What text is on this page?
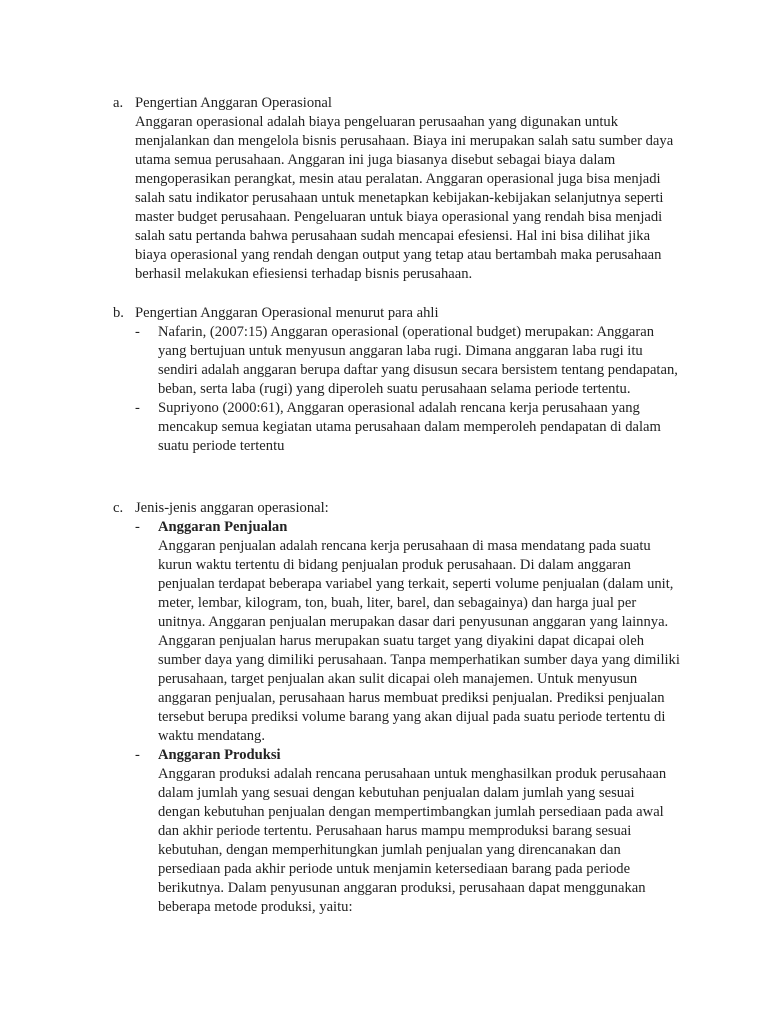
a. Pengertian Anggaran Operasional

Anggaran operasional adalah biaya pengeluaran perusaahan yang digunakan untuk menjalankan dan mengelola bisnis perusahaan. Biaya ini merupakan salah satu sumber daya utama semua perusahaan. Anggaran ini juga biasanya disebut sebagai biaya dalam mengoperasikan perangkat, mesin atau peralatan. Anggaran operasional juga bisa menjadi salah satu indikator perusahaan untuk menetapkan kebijakan-kebijakan selanjutnya seperti master budget perusahaan. Pengeluaran untuk biaya operasional yang rendah bisa menjadi salah satu pertanda bahwa perusahaan sudah mencapai efesiensi. Hal ini bisa dilihat jika biaya operasional yang rendah dengan output yang tetap atau bertambah maka perusahaan berhasil melakukan efiesiensi terhadap bisnis perusahaan.

b. Pengertian Anggaran Operasional menurut para ahli
- Nafarin, (2007:15) Anggaran operasional (operational budget) merupakan: Anggaran yang bertujuan untuk menyusun anggaran laba rugi. Dimana anggaran laba rugi itu sendiri adalah anggaran berupa daftar yang disusun secara bersistem tentang pendapatan, beban, serta laba (rugi) yang diperoleh suatu perusahaan selama periode tertentu.
- Supriyono (2000:61), Anggaran operasional adalah rencana kerja perusahaan yang mencakup semua kegiatan utama perusahaan dalam memperoleh pendapatan di dalam suatu periode tertentu
c. Jenis-jenis anggaran operasional:
- Anggaran Penjualan
Anggaran penjualan adalah rencana kerja perusahaan di masa mendatang pada suatu kurun waktu tertentu di bidang penjualan produk perusahaan. Di dalam anggaran penjualan terdapat beberapa variabel yang terkait, seperti volume penjualan (dalam unit, meter, lembar, kilogram, ton, buah, liter, barel, dan sebagainya) dan harga jual per unitnya. Anggaran penjualan merupakan dasar dari penyusunan anggaran yang lainnya. Anggaran penjualan harus merupakan suatu target yang diyakini dapat dicapai oleh sumber daya yang dimiliki perusahaan. Tanpa memperhatikan sumber daya yang dimiliki perusahaan, target penjualan akan sulit dicapai oleh manajemen. Untuk menyusun anggaran penjualan, perusahaan harus membuat prediksi penjualan. Prediksi penjualan tersebut berupa prediksi volume barang yang akan dijual pada suatu periode tertentu di waktu mendatang.
- Anggaran Produksi
Anggaran produksi adalah rencana perusahaan untuk menghasilkan produk perusahaan dalam jumlah yang sesuai dengan kebutuhan penjualan dalam jumlah yang sesuai dengan kebutuhan penjualan dengan mempertimbangkan jumlah persediaan pada awal dan akhir periode tertentu. Perusahaan harus mampu memproduksi barang sesuai kebutuhan, dengan memperhitungkan jumlah penjualan yang direncanakan dan persediaan pada akhir periode untuk menjamin ketersediaan barang pada periode berikutnya. Dalam penyusunan anggaran produksi, perusahaan dapat menggunakan beberapa metode produksi, yaitu:
